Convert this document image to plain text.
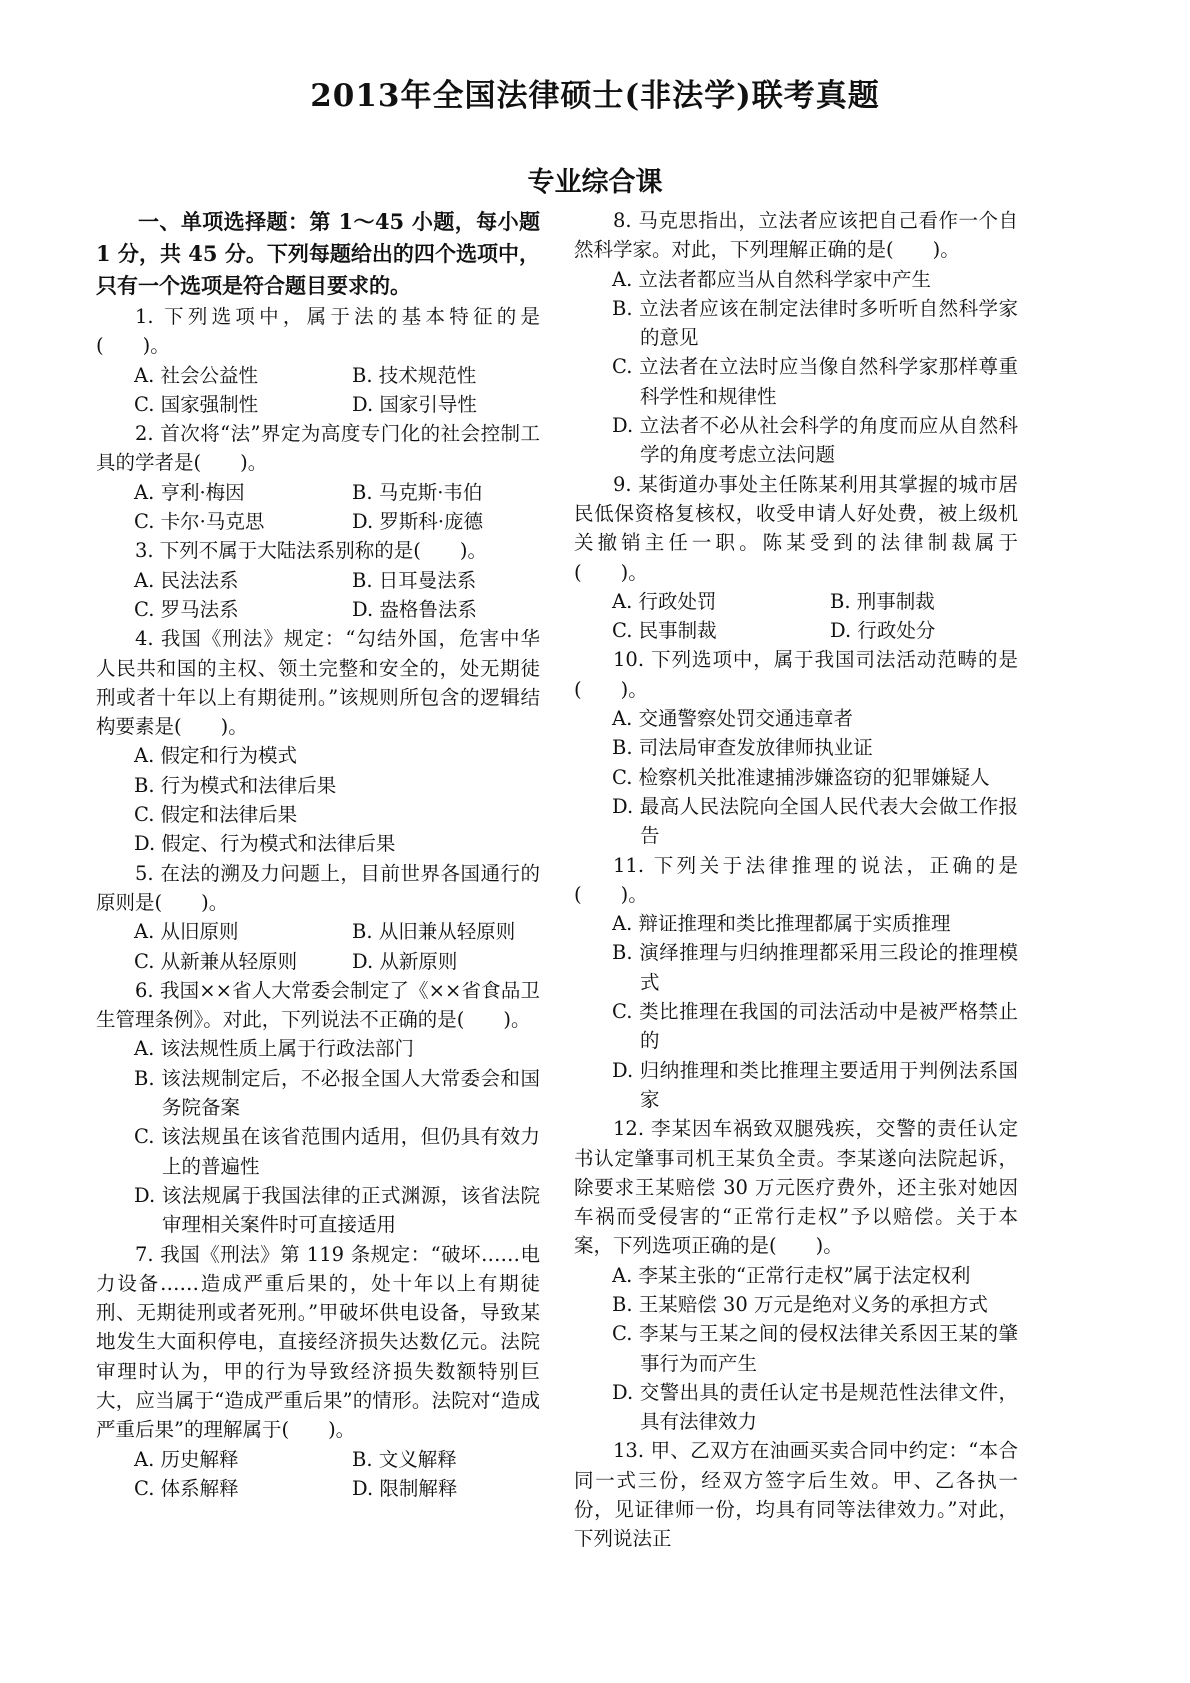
2013年全国法律硕士(非法学)联考真题
专业综合课

一、单项选择题：第 1～45 小题，每小题 1 分，共 45 分。下列每题给出的四个选项中，只有一个选项是符合题目要求的。

1. 下列选项中，属于法的基本特征的是(　　)。

A. 社会公益性	B. 技术规范性
C. 国家强制性	D. 国家引导性

2. 首次将“法”界定为高度专门化的社会控制工具的学者是(　　)。

A. 亨利·梅因	B. 马克斯·韦伯
C. 卡尔·马克思	D. 罗斯科·庞德

3. 下列不属于大陆法系别称的是(　　)。

A. 民法法系	B. 日耳曼法系
C. 罗马法系	D. 盎格鲁法系

4. 我国《刑法》规定：“勾结外国，危害中华人民共和国的主权、领土完整和安全的，处无期徒刑或者十年以上有期徒刑。”该规则所包含的逻辑结构要素是(　　)。

A. 假定和行为模式

B. 行为模式和法律后果

C. 假定和法律后果

D. 假定、行为模式和法律后果

5. 在法的溯及力问题上，目前世界各国通行的原则是(　　)。

A. 从旧原则	B. 从旧兼从轻原则
C. 从新兼从轻原则	D. 从新原则

6. 我国××省人大常委会制定了《××省食品卫生管理条例》。对此，下列说法不正确的是(　　)。

A. 该法规性质上属于行政法部门

B. 该法规制定后，不必报全国人大常委会和国务院备案

C. 该法规虽在该省范围内适用，但仍具有效力上的普遍性

D. 该法规属于我国法律的正式渊源，该省法院审理相关案件时可直接适用

7. 我国《刑法》第 119 条规定：“破坏……电力设备……造成严重后果的，处十年以上有期徒刑、无期徒刑或者死刑。”甲破坏供电设备，导致某地发生大面积停电，直接经济损失达数亿元。法院审理时认为，甲的行为导致经济损失数额特别巨大，应当属于“造成严重后果”的情形。法院对“造成严重后果”的理解属于(　　)。

A. 历史解释	B. 文义解释
C. 体系解释	D. 限制解释

8. 马克思指出，立法者应该把自己看作一个自然科学家。对此，下列理解正确的是(　　)。

A. 立法者都应当从自然科学家中产生

B. 立法者应该在制定法律时多听听自然科学家的意见

C. 立法者在立法时应当像自然科学家那样尊重科学性和规律性

D. 立法者不必从社会科学的角度而应从自然科学的角度考虑立法问题

9. 某街道办事处主任陈某利用其掌握的城市居民低保资格复核权，收受申请人好处费，被上级机关撤销主任一职。陈某受到的法律制裁属于(　　)。

A. 行政处罚	B. 刑事制裁
C. 民事制裁	D. 行政处分

10. 下列选项中，属于我国司法活动范畴的是(　　)。

A. 交通警察处罚交通违章者

B. 司法局审查发放律师执业证

C. 检察机关批准逮捕涉嫌盗窃的犯罪嫌疑人

D. 最高人民法院向全国人民代表大会做工作报告

11. 下列关于法律推理的说法，正确的是(　　)。

A. 辩证推理和类比推理都属于实质推理

B. 演绎推理与归纳推理都采用三段论的推理模式

C. 类比推理在我国的司法活动中是被严格禁止的

D. 归纳推理和类比推理主要适用于判例法系国家

12. 李某因车祸致双腿残疾，交警的责任认定书认定肇事司机王某负全责。李某遂向法院起诉，除要求王某赔偿 30 万元医疗费外，还主张对她因车祸而受侵害的“正常行走权”予以赔偿。关于本案，下列选项正确的是(　　)。

A. 李某主张的“正常行走权”属于法定权利

B. 王某赔偿 30 万元是绝对义务的承担方式

C. 李某与王某之间的侵权法律关系因王某的肇事行为而产生

D. 交警出具的责任认定书是规范性法律文件，具有法律效力

13. 甲、乙双方在油画买卖合同中约定：“本合同一式三份，经双方签字后生效。甲、乙各执一份，见证律师一份，均具有同等法律效力。”对此，下列说法正
